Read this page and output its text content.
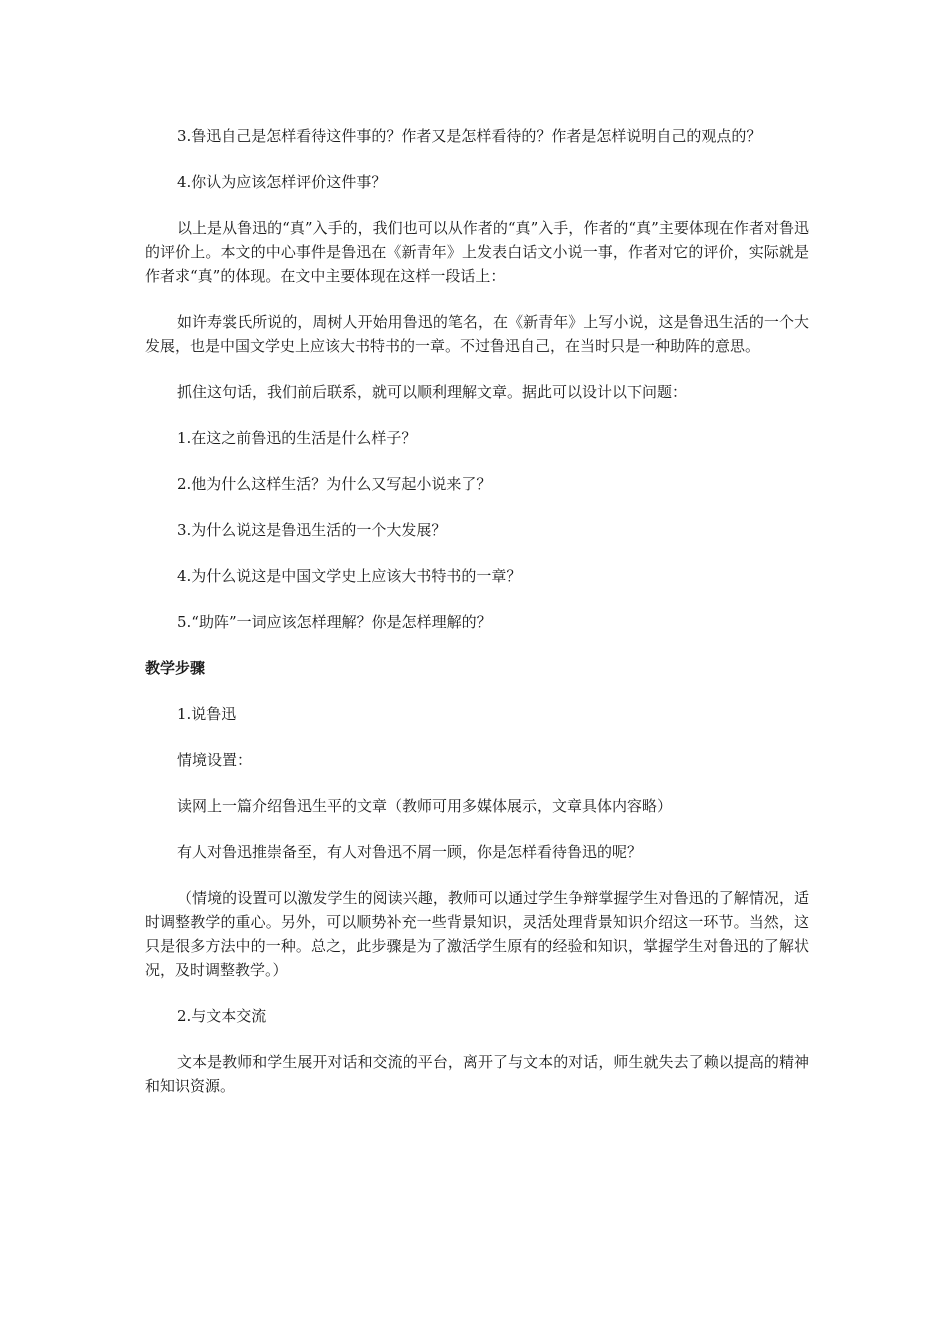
3.鲁迅自己是怎样看待这件事的？作者又是怎样看待的？作者是怎样说明自己的观点的？

4.你认为应该怎样评价这件事？

以上是从鲁迅的“真”入手的，我们也可以从作者的“真”入手，作者的“真”主要体现在作者对鲁迅的评价上。本文的中心事件是鲁迅在《新青年》上发表白话文小说一事，作者对它的评价，实际就是作者求“真”的体现。在文中主要体现在这样一段话上：

如许寿裳氏所说的，周树人开始用鲁迅的笔名，在《新青年》上写小说，这是鲁迅生活的一个大发展，也是中国文学史上应该大书特书的一章。不过鲁迅自己，在当时只是一种助阵的意思。

抓住这句话，我们前后联系，就可以顺利理解文章。据此可以设计以下问题：

1.在这之前鲁迅的生活是什么样子？

2.他为什么这样生活？为什么又写起小说来了？

3.为什么说这是鲁迅生活的一个大发展？

4.为什么说这是中国文学史上应该大书特书的一章？

5.“助阵”一词应该怎样理解？你是怎样理解的？

教学步骤

1.说鲁迅

情境设置：

读网上一篇介绍鲁迅生平的文章（教师可用多媒体展示，文章具体内容略）

有人对鲁迅推崇备至，有人对鲁迅不屑一顾，你是怎样看待鲁迅的呢？

（情境的设置可以激发学生的阅读兴趣，教师可以通过学生争辩掌握学生对鲁迅的了解情况，适时调整教学的重心。另外，可以顺势补充一些背景知识，灵活处理背景知识介绍这一环节。当然，这只是很多方法中的一种。总之，此步骤是为了激活学生原有的经验和知识，掌握学生对鲁迅的了解状况，及时调整教学。）

2.与文本交流

文本是教师和学生展开对话和交流的平台，离开了与文本的对话，师生就失去了赖以提高的精神和知识资源。
